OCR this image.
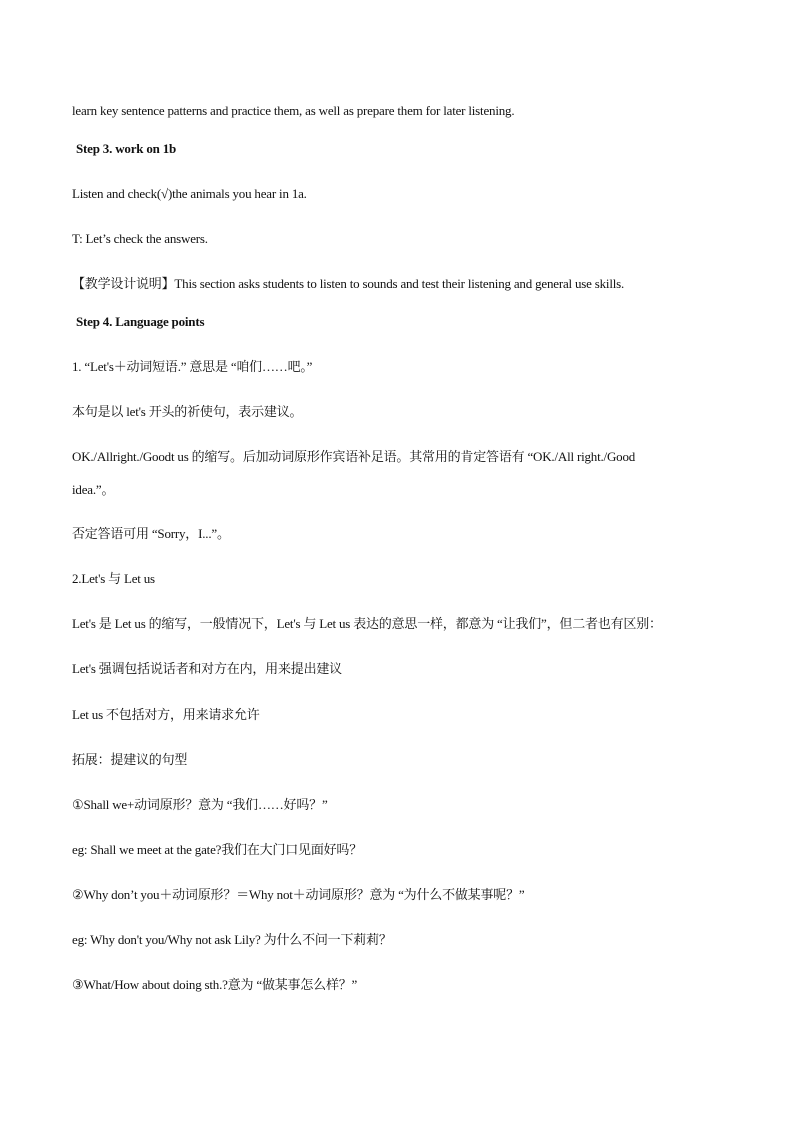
learn key sentence patterns and practice them, as well as prepare them for later listening.
Step 3. work on 1b
Listen and check(√)the animals you hear in 1a.
T: Let’s check the answers.
【教学设计说明】This section asks students to listen to sounds and test their listening and general use skills.
Step 4. Language points
1. “Let's＋动词短语.” 意思是 “咱们……吧。”
本句是以 let's 开头的祈使句，表示建议。
OK./Allright./Goodt us 的缩写。后加动词原形作宾语补足语。其常用的肯定答语有 “OK./All right./Good
idea.”。
否定答语可用 “Sorry，I...”。
2.Let's 与 Let us
Let's 是 Let us 的缩写，一般情况下，Let's 与 Let us 表达的意思一样，都意为 “让我们”，但二者也有区别：
Let's 强调包括说话者和对方在内，用来提出建议
Let us 不包括对方，用来请求允许
拓展：提建议的句型
①Shall we+动词原形？意为 “我们……好吗？”
eg: Shall we meet at the gate?我们在大门口见面好吗？
②Why don’t you＋动词原形？＝Why not＋动词原形？意为 “为什么不做某事呢？”
eg: Why don't you/Why not ask Lily? 为什么不问一下莉莉？
③What/How about doing sth.?意为 “做某事怎么样？”
